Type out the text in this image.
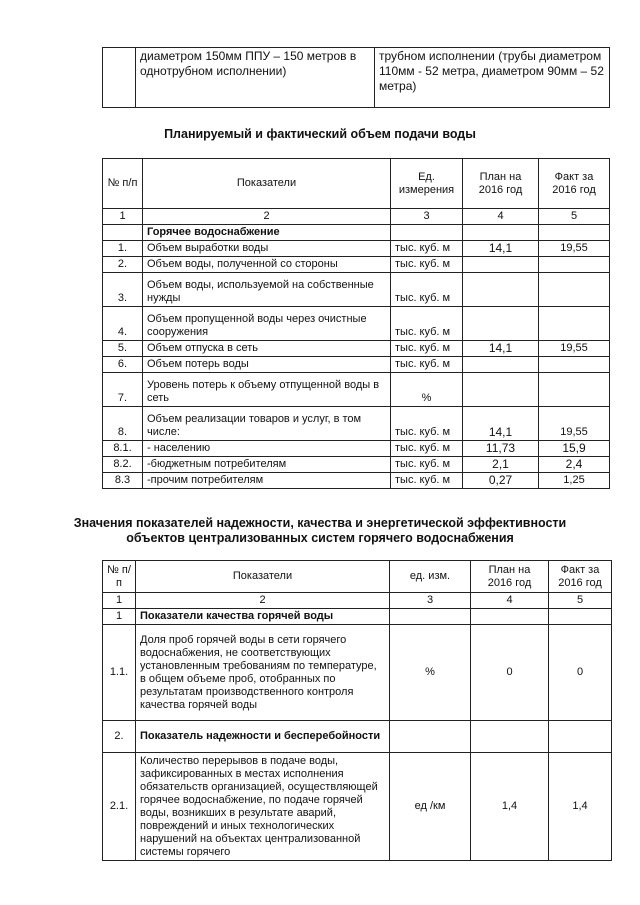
	диаметром 150мм ППУ – 150 метров в однотрубном исполнении)	трубном исполнении (трубы диаметром 110мм - 52 метра, диаметром 90мм – 52 метра)
Планируемый и фактический объем подачи воды
№ п/п	Показатели	Ед. измерения	План на 2016 год	Факт за 2016 год
1	2	3	4	5
	Горячее водоснабжение			
1.	Объем выработки воды	тыс. куб. м	14,1	19,55
2.	Объем воды, полученной со стороны	тыс. куб. м		
3.	Объем воды, используемой на собственные нужды	тыс. куб. м		
4.	Объем пропущенной воды через очистные сооружения	тыс. куб. м		
5.	Объем отпуска в сеть	тыс. куб. м	14,1	19,55
6.	Объем потерь воды	тыс. куб. м		
7.	Уровень потерь к объему отпущенной воды в сеть	%		
8.	Объем реализации товаров и услуг, в том числе:	тыс. куб. м	14,1	19,55
8.1.	- населению	тыс. куб. м	11,73	15,9
8.2.	-бюджетным потребителям	тыс. куб. м	2,1	2,4
8.3	-прочим потребителям	тыс. куб. м	0,27	1,25
Значения показателей надежности, качества и энергетической эффективности
объектов централизованных систем горячего водоснабжения
№ п/п	Показатели	ед. изм.	План на 2016 год	Факт за 2016 год
1	2	3	4	5
1	Показатели качества горячей воды			
1.1.	Доля проб горячей воды в сети горячего водоснабжения, не соответствующих установленным требованиям по температуре, в общем объеме проб, отобранных по результатам производственного контроля качества горячей воды	%	0	0
2.	Показатель надежности и бесперебойности			
2.1.	Количество перерывов в подаче воды, зафиксированных в местах исполнения обязательств организацией, осуществляющей горячее водоснабжение, по подаче горячей воды, возникших в результате аварий, повреждений и иных технологических нарушений на объектах централизованной системы горячего	ед /км	1,4	1,4
